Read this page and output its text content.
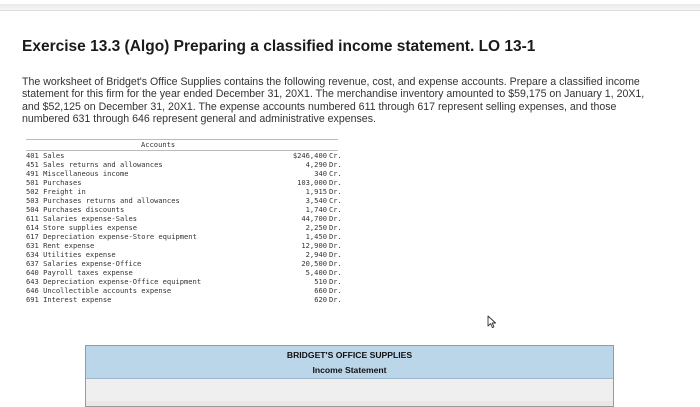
Exercise 13.3 (Algo) Preparing a classified income statement. LO 13-1
The worksheet of Bridget's Office Supplies contains the following revenue, cost, and expense accounts. Prepare a classified income statement for this firm for the year ended December 31, 20X1. The merchandise inventory amounted to $59,175 on January 1, 20X1, and $52,125 on December 31, 20X1. The expense accounts numbered 611 through 617 represent selling expenses, and those numbered 631 through 646 represent general and administrative expenses.
Accounts
401 Sales	$246,400 Cr.
451 Sales returns and allowances	4,290 Dr.
491 Miscellaneous income	340 Cr.
501 Purchases	103,000 Dr.
502 Freight in	1,915 Dr.
503 Purchases returns and allowances	3,540 Cr.
504 Purchases discounts	1,740 Cr.
611 Salaries expense-Sales	44,700 Dr.
614 Store supplies expense	2,250 Dr.
617 Depreciation expense-Store equipment	1,450 Dr.
631 Rent expense	12,900 Dr.
634 Utilities expense	2,940 Dr.
637 Salaries expense-Office	20,500 Dr.
640 Payroll taxes expense	5,400 Dr.
643 Depreciation expense-Office equipment	510 Dr.
646 Uncollectible accounts expense	660 Dr.
691 Interest expense	620 Dr.
BRIDGET'S OFFICE SUPPLIES
Income Statement
